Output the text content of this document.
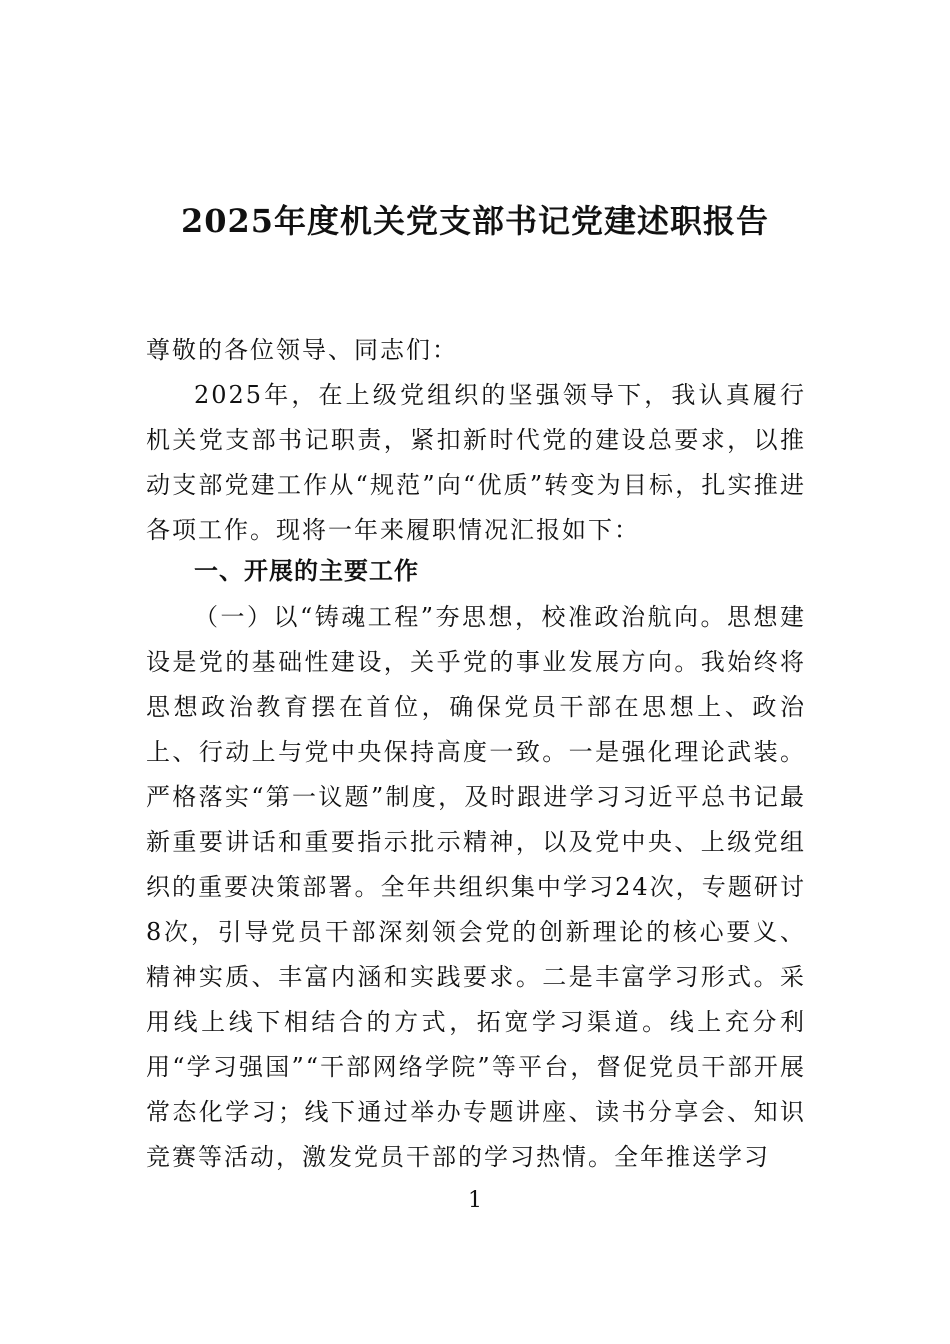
2025年度机关党支部书记党建述职报告
尊敬的各位领导、同志们：
2025年，在上级党组织的坚强领导下，我认真履行机关党支部书记职责，紧扣新时代党的建设总要求，以推动支部党建工作从“规范”向“优质”转变为目标，扎实推进各项工作。现将一年来履职情况汇报如下：
一、开展的主要工作
（一）以“铸魂工程”夯思想，校准政治航向。思想建设是党的基础性建设，关乎党的事业发展方向。我始终将思想政治教育摆在首位，确保党员干部在思想上、政治上、行动上与党中央保持高度一致。一是强化理论武装。严格落实“第一议题”制度，及时跟进学习习近平总书记最新重要讲话和重要指示批示精神，以及党中央、上级党组织的重要决策部署。全年共组织集中学习24次，专题研讨8次，引导党员干部深刻领会党的创新理论的核心要义、精神实质、丰富内涵和实践要求。二是丰富学习形式。采用线上线下相结合的方式，拓宽学习渠道。线上充分利用“学习强国”“干部网络学院”等平台，督促党员干部开展常态化学习；线下通过举办专题讲座、读书分享会、知识竞赛等活动，激发党员干部的学习热情。全年推送学习
1
